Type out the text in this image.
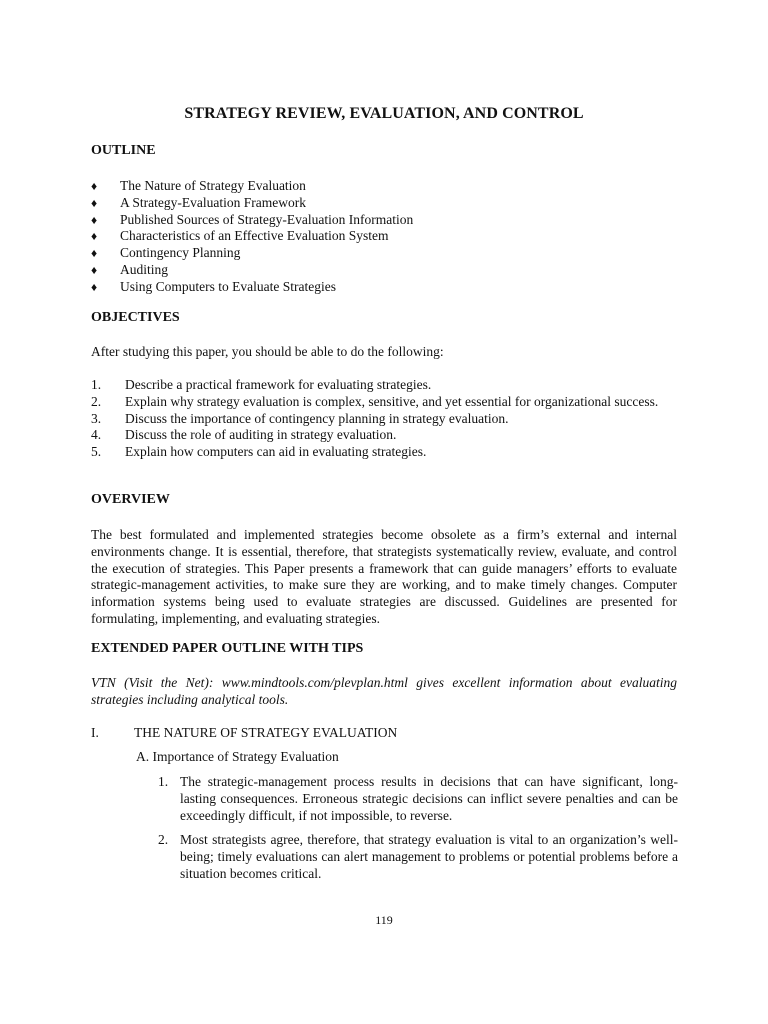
STRATEGY REVIEW, EVALUATION, AND CONTROL
OUTLINE
♦ The Nature of Strategy Evaluation
♦ A Strategy-Evaluation Framework
♦ Published Sources of Strategy-Evaluation Information
♦ Characteristics of an Effective Evaluation System
♦ Contingency Planning
♦ Auditing
♦ Using Computers to Evaluate Strategies
OBJECTIVES

After studying this paper, you should be able to do the following:

1. Describe a practical framework for evaluating strategies.
2. Explain why strategy evaluation is complex, sensitive, and yet essential for organizational success.
3. Discuss the importance of contingency planning in strategy evaluation.
4. Discuss the role of auditing in strategy evaluation.
5. Explain how computers can aid in evaluating strategies.
OVERVIEW

The best formulated and implemented strategies become obsolete as a firm’s external and internal environments change. It is essential, therefore, that strategists systematically review, evaluate, and control the execution of strategies. This Paper presents a framework that can guide managers’ efforts to evaluate strategic-management activities, to make sure they are working, and to make timely changes. Computer information systems being used to evaluate strategies are discussed. Guidelines are presented for formulating, implementing, and evaluating strategies.

EXTENDED PAPER OUTLINE WITH TIPS

VTN (Visit the Net): www.mindtools.com/plevplan.html gives excellent information about evaluating strategies including analytical tools.

I.	THE NATURE OF STRATEGY EVALUATION
A. Importance of Strategy Evaluation
1. The strategic-management process results in decisions that can have significant, long-lasting consequences. Erroneous strategic decisions can inflict severe penalties and can be exceedingly difficult, if not impossible, to reverse.
2. Most strategists agree, therefore, that strategy evaluation is vital to an organization’s well-being; timely evaluations can alert management to problems or potential problems before a situation becomes critical.
119
